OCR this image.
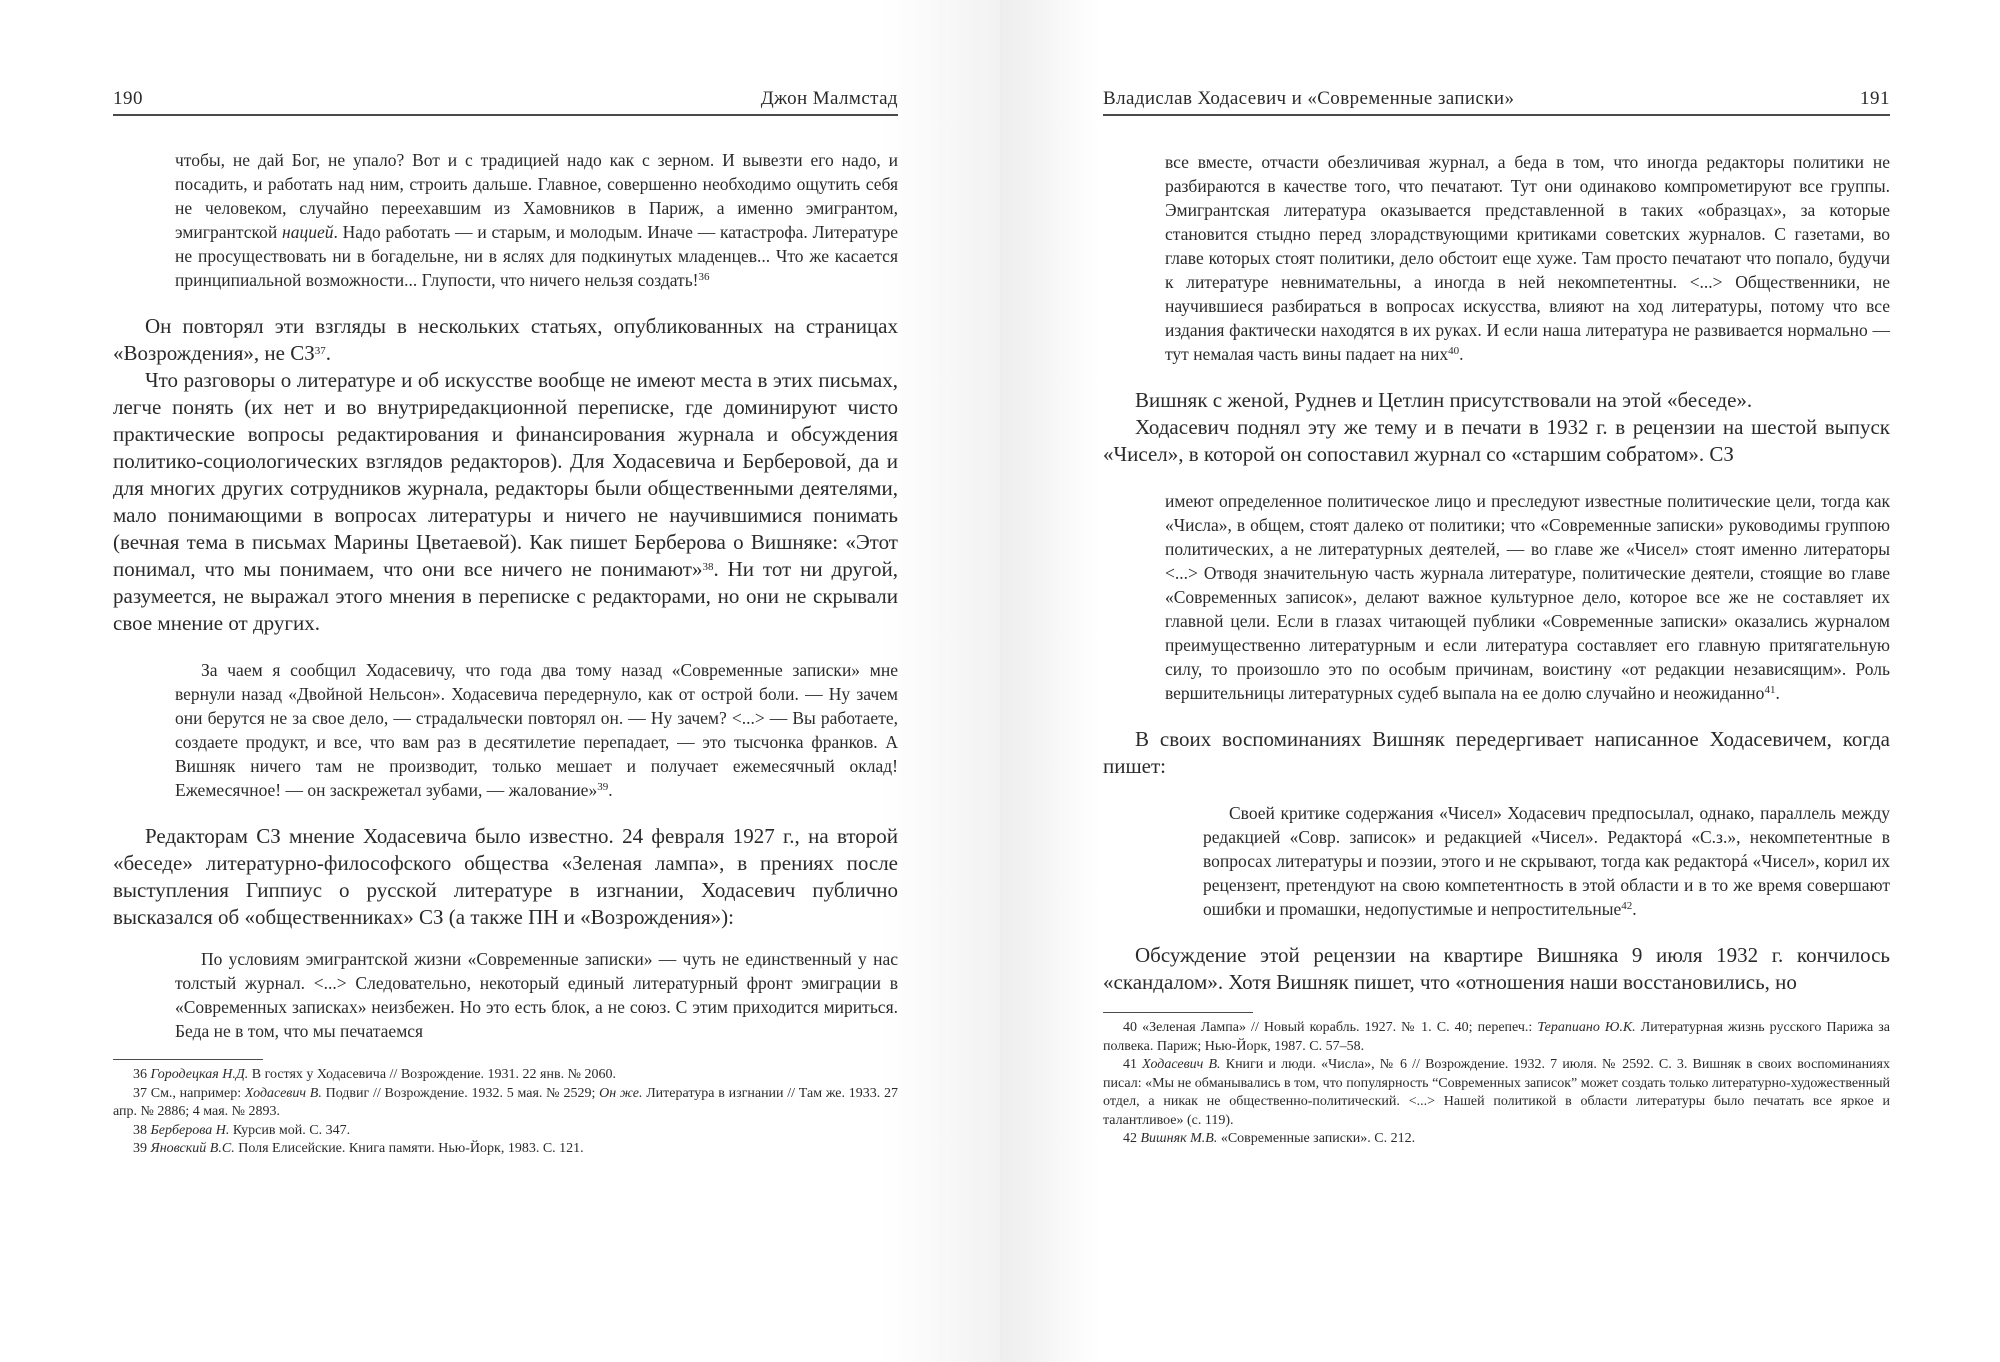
190	Джон Малмстад

чтобы, не дай Бог, не упало? Вот и с традицией надо как с зерном. И вывезти его надо, и посадить, и работать над ним, строить дальше. Главное, совершенно необходимо ощутить себя не человеком, случайно переехавшим из Хамовников в Париж, а именно эмигрантом, эмигрантской нацией. Надо работать — и старым, и молодым. Иначе — катастрофа. Литературе не просуществовать ни в богадельне, ни в яслях для подкинутых младенцев... Что же касается принципиальной возможности... Глупости, что ничего нельзя создать!$^{36}$

Он повторял эти взгляды в нескольких статьях, опубликованных на страницах «Возрождения», не СЗ$^{37}$.

Что разговоры о литературе и об искусстве вообще не имеют места в этих письмах, легче понять (их нет и во внутриредакционной переписке, где доминируют чисто практические вопросы редактирования и финансирования журнала и обсуждения политико-социологических взглядов редакторов). Для Ходасевича и Берберовой, да и для многих других сотрудников журнала, редакторы были общественными деятелями, мало понимающими в вопросах литературы и ничего не научившимися понимать (вечная тема в письмах Марины Цветаевой). Как пишет Берберова о Вишняке: «Этот понимал, что мы понимаем, что они все ничего не понимают»$^{38}$. Ни тот ни другой, разумеется, не выражал этого мнения в переписке с редакторами, но они не скрывали свое мнение от других.

За чаем я сообщил Ходасевичу, что года два тому назад «Современные записки» мне вернули назад «Двойной Нельсон». Ходасевича передернуло, как от острой боли. — Ну зачем они берутся не за свое дело, — страдальчески повторял он. — Ну зачем? <...> — Вы работаете, создаете продукт, и все, что вам раз в десятилетие перепадает, — это тысчонка франков. А Вишняк ничего там не производит, только мешает и получает ежемесячный оклад! Ежемесячное! — он заскрежетал зубами, — жалование»$^{39}$.

Редакторам СЗ мнение Ходасевича было известно. 24 февраля 1927 г., на второй «беседе» литературно-философского общества «Зеленая лампа», в прениях после выступления Гиппиус о русской литературе в изгнании, Ходасевич публично высказался об «общественниках» СЗ (а также ПН и «Возрождения»):

По условиям эмигрантской жизни «Современные записки» — чуть не единственный у нас толстый журнал. <...> Следовательно, некоторый единый литературный фронт эмиграции в «Современных записках» неизбежен. Но это есть блок, а не союз. С этим приходится мириться. Беда не в том, что мы печатаемся

36 Городецкая Н.Д. В гостях у Ходасевича // Возрождение. 1931. 22 янв. № 2060.

37 См., например: Ходасевич В. Подвиг // Возрождение. 1932. 5 мая. № 2529; Он же. Литература в изгнании // Там же. 1933. 27 апр. № 2886; 4 мая. № 2893.

38 Берберова Н. Курсив мой. С. 347.

39 Яновский В.С. Поля Елисейские. Книга памяти. Нью-Йорк, 1983. С. 121.

Владислав Ходасевич и «Современные записки»	191

все вместе, отчасти обезличивая журнал, а беда в том, что иногда редакторы политики не разбираются в качестве того, что печатают. Тут они одинаково компрометируют все группы. Эмигрантская литература оказывается представленной в таких «образцах», за которые становится стыдно перед злорадствующими критиками советских журналов. С газетами, во главе которых стоят политики, дело обстоит еще хуже. Там просто печатают что попало, будучи к литературе невнимательны, а иногда в ней некомпетентны. <...> Общественники, не научившиеся разбираться в вопросах искусства, влияют на ход литературы, потому что все издания фактически находятся в их руках. И если наша литература не развивается нормально — тут немалая часть вины падает на них$^{40}$.

Вишняк с женой, Руднев и Цетлин присутствовали на этой «беседе».

Ходасевич поднял эту же тему и в печати в 1932 г. в рецензии на шестой выпуск «Чисел», в которой он сопоставил журнал со «старшим собратом». СЗ

имеют определенное политическое лицо и преследуют известные политические цели, тогда как «Числа», в общем, стоят далеко от политики; что «Современные записки» руководимы группою политических, а не литературных деятелей, — во главе же «Чисел» стоят именно литераторы <...> Отводя значительную часть журнала литературе, политические деятели, стоящие во главе «Современных записок», делают важное культурное дело, которое все же не составляет их главной цели. Если в глазах читающей публики «Современные записки» оказались журналом преимущественно литературным и если литература составляет его главную притягательную силу, то произошло это по особым причинам, воистину «от редакции независящим». Роль вершительницы литературных судеб выпала на ее долю случайно и неожиданно$^{41}$.

В своих воспоминаниях Вишняк передергивает написанное Ходасевичем, когда пишет:

Своей критике содержания «Чисел» Ходасевич предпосылал, однако, параллель между редакцией «Совр. записок» и редакцией «Чисел». Редакторá «С.з.», некомпетентные в вопросах литературы и поэзии, этого и не скрывают, тогда как редакторá «Чисел», корил их рецензент, претендуют на свою компетентность в этой области и в то же время совершают ошибки и промашки, недопустимые и непростительные$^{42}$.

Обсуждение этой рецензии на квартире Вишняка 9 июля 1932 г. кончилось «скандалом». Хотя Вишняк пишет, что «отношения наши восстановились, но

40 «Зеленая Лампа» // Новый корабль. 1927. № 1. С. 40; перепеч.: Терапиано Ю.К. Литературная жизнь русского Парижа за полвека. Париж; Нью-Йорк, 1987. С. 57–58.

41 Ходасевич В. Книги и люди. «Числа», № 6 // Возрождение. 1932. 7 июля. № 2592. С. 3. Вишняк в своих воспоминаниях писал: «Мы не обманывались в том, что популярность “Современных записок” может создать только литературно-художественный отдел, а никак не общественно-политический. <...> Нашей политикой в области литературы было печатать все яркое и талантливое» (с. 119).

42 Вишняк М.В. «Современные записки». С. 212.
